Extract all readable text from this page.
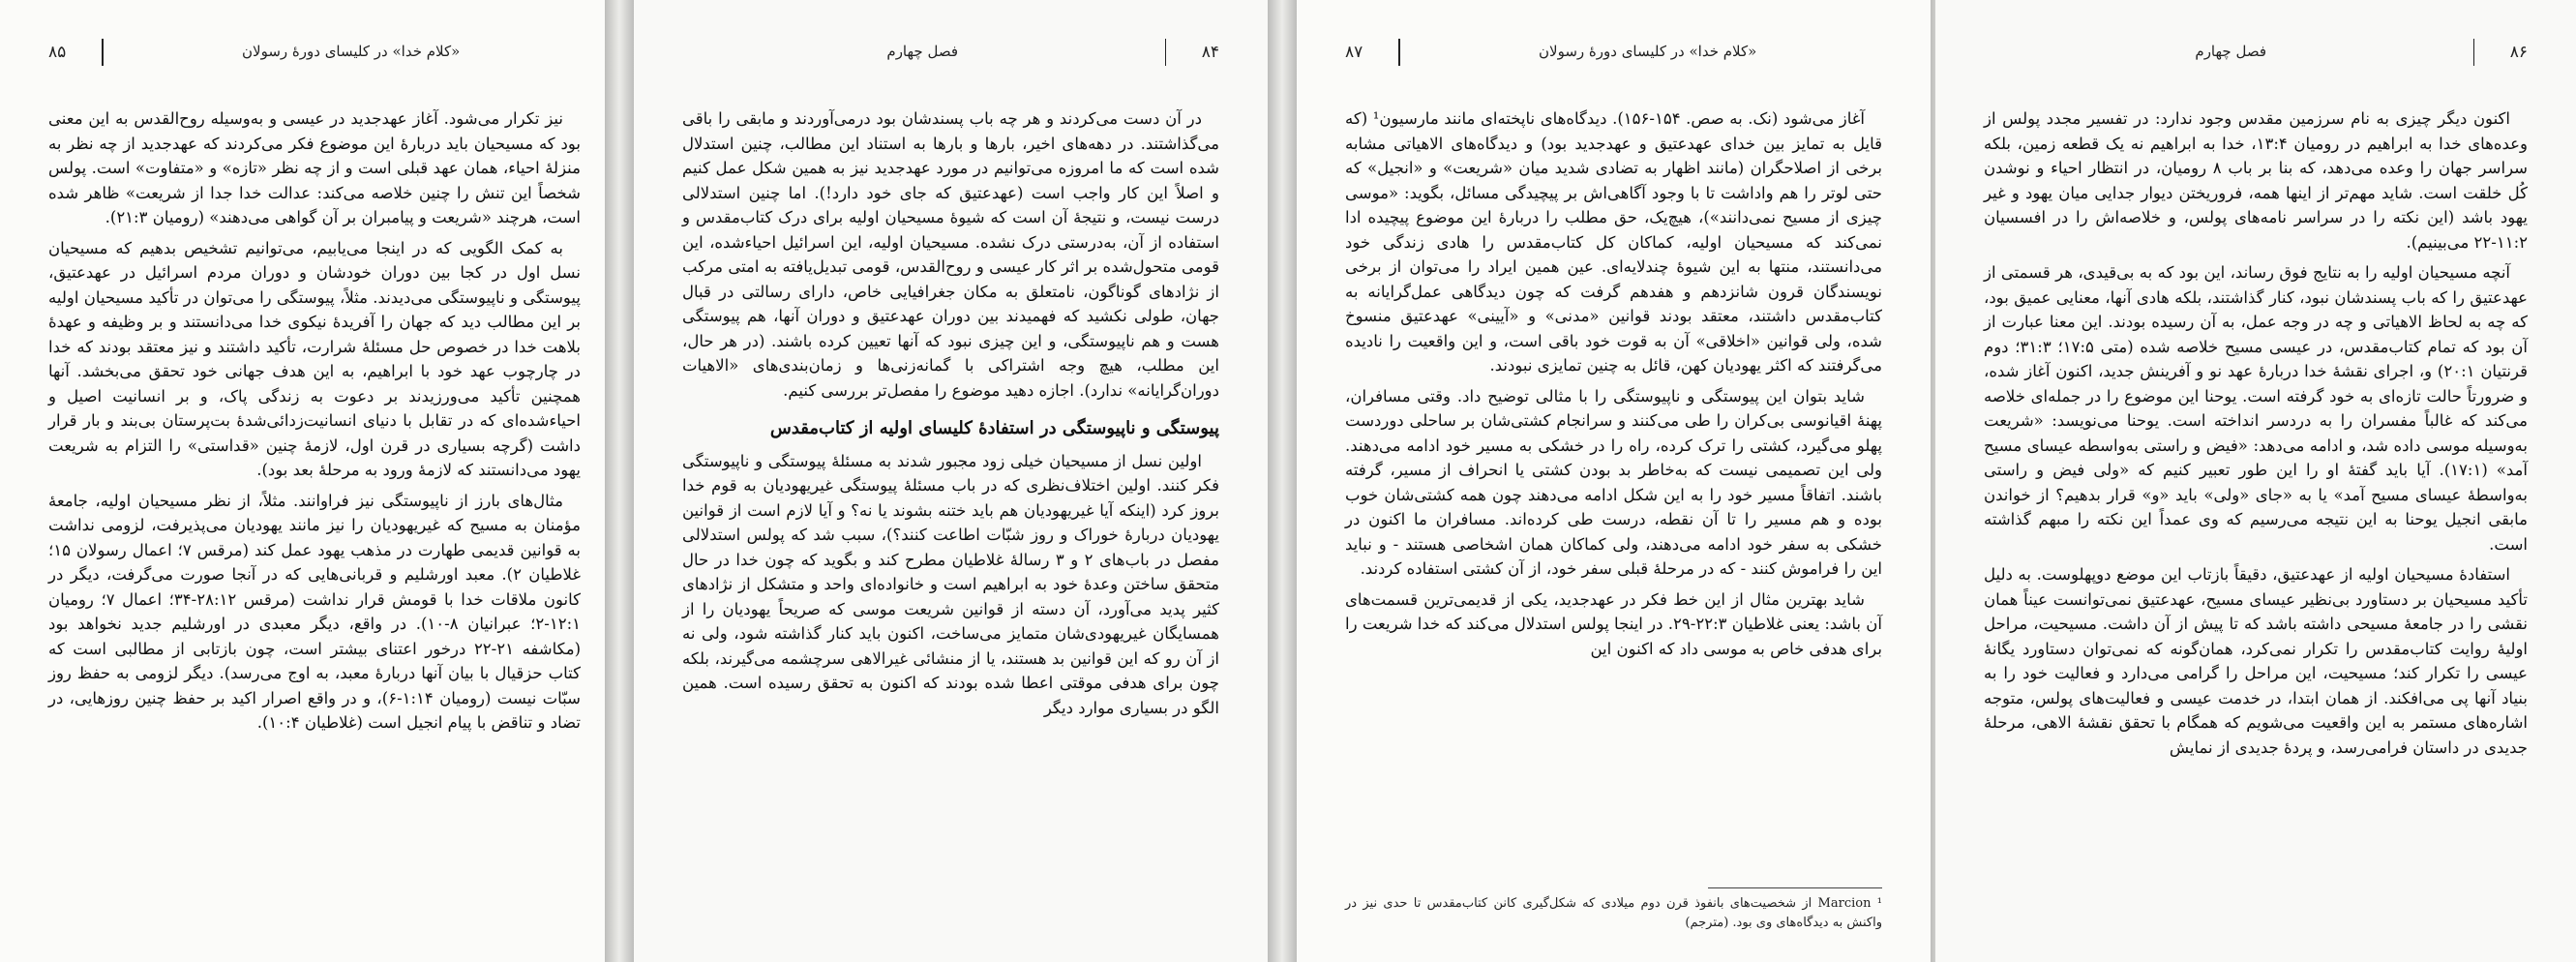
۸۵	«کلام خدا» در کلیسای دورهٔ رسولان

نیز تکرار می‌شود. آغاز عهدجدید در عیسی و به‌وسیله روح‌القدس به این معنی بود که مسیحیان باید دربارهٔ این موضوع فکر می‌کردند که عهدجدید از چه نظر به منزلهٔ احیاء، همان عهد قبلی است و از چه نظر «تازه» و «متفاوت» است. پولس شخصاً این تنش را چنین خلاصه می‌کند: عدالت خدا جدا از شریعت» ظاهر شده است، هرچند «شریعت و پیامبران بر آن گواهی می‌دهند» (رومیان ۲۱:۳).

به کمک الگویی که در اینجا می‌یابیم، می‌توانیم تشخیص بدهیم که مسیحیان نسل اول در کجا بین دوران خودشان و دوران مردم اسرائیل در عهدعتیق، پیوستگی و ناپیوستگی می‌دیدند. مثلاً، پیوستگی را می‌توان در تأکید مسیحیان اولیه بر این مطالب دید که جهان را آفریدهٔ نیکوی خدا می‌دانستند و بر وظیفه و عهدهٔ بلاهت خدا در خصوص حل مسئلهٔ شرارت، تأکید داشتند و نیز معتقد بودند که خدا در چارچوب عهد خود با ابراهیم، به این هدف جهانی خود تحقق می‌بخشد. آنها همچنین تأکید می‌ورزیدند بر دعوت به زندگی پاک، و بر انسانیت اصیل و احیاءشده‌ای که در تقابل با دنیای انسانیت‌زدائی‌شدهٔ بت‌پرستان بی‌بند و بار قرار داشت (گرچه بسیاری در قرن اول، لازمهٔ چنین «قداستی» را التزام به شریعت یهود می‌دانستند که لازمهٔ ورود به مرحلهٔ بعد بود).

مثال‌های بارز از ناپیوستگی نیز فراوانند. مثلاً، از نظر مسیحیان اولیه، جامعهٔ مؤمنان به مسیح که غیریهودیان را نیز مانند یهودیان می‌پذیرفت، لزومی نداشت به قوانین قدیمی طهارت در مذهب یهود عمل کند (مرقس ۷؛ اعمال رسولان ۱۵؛ غلاطیان ۲). معبد اورشلیم و قربانی‌هایی که در آنجا صورت می‌گرفت، دیگر در کانون ملاقات خدا با قومش قرار نداشت (مرقس ۲۸:۱۲-۳۴؛ اعمال ۷؛ رومیان ۱۲:۱-۲؛ عبرانیان ۸-۱۰). در واقع، دیگر معبدی در اورشلیم جدید نخواهد بود (مکاشفه ۲۱-۲۲ درخور اعتنای بیشتر است، چون بازتابی از مطالبی است که کتاب حزقیال با بیان آنها دربارهٔ معبد، به اوج می‌رسد). دیگر لزومی به حفظ روز سبّات نیست (رومیان ۱:۱۴-۶)، و در واقع اصرار اکید بر حفظ چنین روزهایی، در تضاد و تناقض با پیام انجیل است (غلاطیان ۱۰:۴).

۸۴
فصل چهارم

در آن دست می‌کردند و هر چه باب پسندشان بود درمی‌آوردند و مابقی را باقی می‌گذاشتند. در دهه‌های اخیر، بارها و بارها به استناد این مطالب، چنین استدلال شده است که ما امروزه می‌توانیم در مورد عهدجدید نیز به همین شکل عمل کنیم و اصلاً این کار واجب است (عهدعتیق که جای خود دارد!). اما چنین استدلالی درست نیست، و نتیجهٔ آن است که شیوهٔ مسیحیان اولیه برای درک کتاب‌مقدس و استفاده از آن، به‌درستی درک نشده. مسیحیان اولیه، این اسرائیل احیاءشده، این قومی متحول‌شده بر اثر کار عیسی و روح‌القدس، قومی تبدیل‌یافته به امتی مرکب از نژادهای گوناگون، نامتعلق به مکان جغرافیایی خاص، دارای رسالتی در قبال جهان، طولی نکشید که فهمیدند بین دوران عهدعتیق و دوران آنها، هم پیوستگی هست و هم ناپیوستگی، و این چیزی نبود که آنها تعیین کرده باشند. (در هر حال، این مطلب، هیچ وجه اشتراکی با گمانه‌زنی‌ها و زمان‌بندی‌های «الاهیات دوران‌گرایانه» ندارد). اجازه دهید موضوع را مفصل‌تر بررسی کنیم.

پیوستگی و ناپیوستگی در استفادهٔ کلیسای اولیه از کتاب‌مقدس

اولین نسل از مسیحیان خیلی زود مجبور شدند به مسئلهٔ پیوستگی و ناپیوستگی فکر کنند. اولین اختلاف‌نظری که در باب مسئلهٔ پیوستگی غیریهودیان به قوم خدا بروز کرد (اینکه آیا غیریهودیان هم باید ختنه بشوند یا نه؟ و آیا لازم است از قوانین یهودیان دربارهٔ خوراک و روز شبّات اطاعت کنند؟)، سبب شد که پولس استدلالی مفصل در باب‌های ۲ و ۳ رسالهٔ غلاطیان مطرح کند و بگوید که چون خدا در حال متحقق ساختن وعدهٔ خود به ابراهیم است و خانواده‌ای واحد و متشکل از نژادهای کثیر پدید می‌آورد، آن دسته از قوانین شریعت موسی که صریحاً یهودیان را از همسایگان غیریهودی‌شان متمایز می‌ساخت، اکنون باید کنار گذاشته شود، ولی نه از آن رو که این قوانین بد هستند، یا از منشائی غیرالاهی سرچشمه می‌گیرند، بلکه چون برای هدفی موقتی اعطا شده بودند که اکنون به تحقق رسیده است. همین الگو در بسیاری موارد دیگر

۸۷	«کلام خدا» در کلیسای دورهٔ رسولان

آغاز می‌شود (نک. به صص. ۱۵۴-۱۵۶). دیدگاه‌های ناپخته‌ای مانند مارسیون¹ (که قایل به تمایز بین خدای عهدعتیق و عهدجدید بود) و دیدگاه‌های الاهیاتی مشابه برخی از اصلاحگران (مانند اظهار به تضادی شدید میان «شریعت» و «انجیل» که حتی لوتر را هم واداشت تا با وجود آگاهی‌اش بر پیچیدگی مسائل، بگوید: «موسی چیزی از مسیح نمی‌دانند»)، هیچ‌یک، حق مطلب را دربارهٔ این موضوع پیچیده ادا نمی‌کند که مسیحیان اولیه، کماکان کل کتاب‌مقدس را هادی زندگی خود می‌دانستند، منتها به این شیوهٔ چندلایه‌ای. عین همین ایراد را می‌توان از برخی نویسندگان قرون شانزدهم و هفدهم گرفت که چون دیدگاهی عمل‌گرایانه به کتاب‌مقدس داشتند، معتقد بودند قوانین «مدنی» و «آیینی» عهدعتیق منسوخ شده، ولی قوانین «اخلاقی» آن به قوت خود باقی است، و این واقعیت را نادیده می‌گرفتند که اکثر یهودیان کهن، قائل به چنین تمایزی نبودند.

شاید بتوان این پیوستگی و ناپیوستگی را با مثالی توضیح داد. وقتی مسافران، پهنهٔ اقیانوسی بی‌کران را طی می‌کنند و سرانجام کشتی‌شان بر ساحلی دوردست پهلو می‌گیرد، کشتی را ترک کرده، راه را در خشکی به مسیر خود ادامه می‌دهند. ولی این تصمیمی نیست که به‌خاطر بد بودن کشتی یا انحراف از مسیر، گرفته باشند. اتفاقاً مسیر خود را به این شکل ادامه می‌دهند چون همه کشتی‌شان خوب بوده و هم مسیر را تا آن نقطه، درست طی کرده‌اند. مسافران ما اکنون در خشکی به سفر خود ادامه می‌دهند، ولی کماکان همان اشخاصی هستند - و نباید این را فراموش کنند - که در مرحلهٔ قبلی سفر خود، از آن کشتی استفاده کردند.

شاید بهترین مثال از این خط فکر در عهدجدید، یکی از قدیمی‌ترین قسمت‌های آن باشد: یعنی غلاطیان ۲۲:۳-۲۹. در اینجا پولس استدلال می‌کند که خدا شریعت را برای هدفی خاص به موسی داد که اکنون این

¹ Marcion از شخصیت‌های بانفوذ قرن دوم میلادی که شکل‌گیری کانن کتاب‌مقدس تا حدی نیز در واکنش به دیدگاه‌های وی بود. (مترجم)
۸۶
فصل چهارم

اکنون دیگر چیزی به نام سرزمین مقدس وجود ندارد: در تفسیر مجدد پولس از وعده‌های خدا به ابراهیم در رومیان ۱۳:۴، خدا به ابراهیم نه یک قطعه زمین، بلکه سراسر جهان را وعده می‌دهد، که بنا بر باب ۸ رومیان، در انتظار احیاء و نوشدن کُل خلقت است. شاید مهم‌تر از اینها همه، فروریختن دیوار جدایی میان یهود و غیر یهود باشد (این نکته را در سراسر نامه‌های پولس، و خلاصه‌اش را در افسسیان ۱۱:۲-۲۲ می‌بینیم).

آنچه مسیحیان اولیه را به نتایج فوق رساند، این بود که به بی‌قیدی، هر قسمتی از عهدعتیق را که باب پسندشان نبود، کنار گذاشتند، بلکه هادی آنها، معنایی عمیق بود، که چه به لحاظ الاهیاتی و چه در وجه عمل، به آن رسیده بودند. این معنا عبارت از آن بود که تمام کتاب‌مقدس، در عیسی مسیح خلاصه شده (متی ۱۷:۵؛ ۳۱:۳؛ دوم قرنتیان ۲۰:۱) و، اجرای نقشهٔ خدا دربارهٔ عهد نو و آفرینش جدید، اکنون آغاز شده، و ضرورتاً حالت تازه‌ای به خود گرفته است. یوحنا این موضوع را در جمله‌ای خلاصه می‌کند که غالباً مفسران را به دردسر انداخته است. یوحنا می‌نویسد: «شریعت به‌وسیله موسی داده شد، و ادامه می‌دهد: «فیض و راستی به‌واسطه عیسای مسیح آمد» (۱۷:۱). آیا باید گفتهٔ او را این طور تعبیر کنیم که «ولی فیض و راستی به‌واسطهٔ عیسای مسیح آمد» یا به «جای «ولی» باید «و» قرار بدهیم؟ از خواندن مابقی انجیل یوحنا به این نتیجه می‌رسیم که وی عمداً این نکته را مبهم گذاشته است.

استفادهٔ مسیحیان اولیه از عهدعتیق، دقیقاً بازتاب این موضع دوپهلوست. به دلیل تأکید مسیحیان بر دستاورد بی‌نظیر عیسای مسیح، عهدعتیق نمی‌توانست عیناً همان نقشی را در جامعهٔ مسیحی داشته باشد که تا پیش از آن داشت. مسیحیت، مراحل اولیهٔ روایت کتاب‌مقدس را تکرار نمی‌کرد، همان‌گونه که نمی‌توان دستاورد یگانهٔ عیسی را تکرار کند؛ مسیحیت، این مراحل را گرامی می‌دارد و فعالیت خود را به بنیاد آنها پی می‌افکند. از همان ابتدا، در خدمت عیسی و فعالیت‌های پولس، متوجه اشاره‌های مستمر به این واقعیت می‌شویم که همگام با تحقق نقشهٔ الاهی، مرحلهٔ جدیدی در داستان فرامی‌رسد، و پردهٔ جدیدی از نمایش
